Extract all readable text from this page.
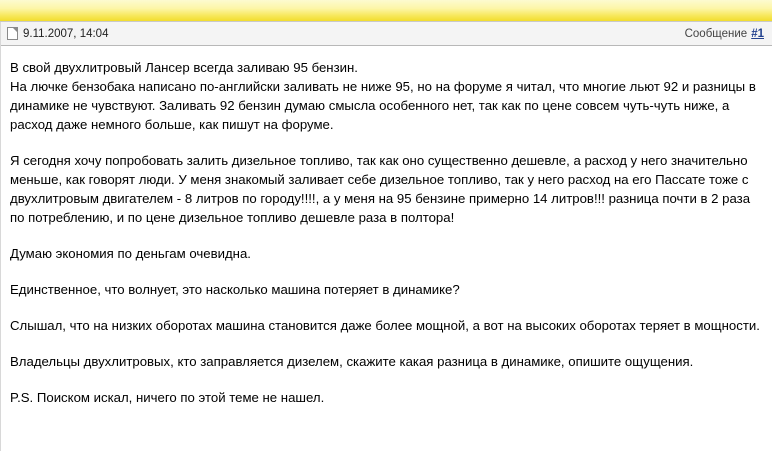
9.11.2007, 14:04	Сообщение #1

В свой двухлитровый Лансер всегда заливаю 95 бензин.
На лючке бензобака написано по-английски заливать не ниже 95, но на форуме я читал, что многие льют 92 и разницы в динамике не чувствуют. Заливать 92 бензин думаю смысла особенного нет, так как по цене совсем чуть-чуть ниже, а расход даже немного больше, как пишут на форуме.

Я сегодня хочу попробовать залить дизельное топливо, так как оно существенно дешевле, а расход у него значительно меньше, как говорят люди. У меня знакомый заливает себе дизельное топливо, так у него расход на его Пассате тоже с двухлитровым двигателем - 8 литров по городу!!!!, а у меня на 95 бензине примерно 14 литров!!! разница почти в 2 раза по потреблению, и по цене дизельное топливо дешевле раза в полтора!

Думаю экономия по деньгам очевидна.

Единственное, что волнует, это насколько машина потеряет в динамике?

Слышал, что на низких оборотах машина становится даже более мощной, а вот на высоких оборотах теряет в мощности.

Владельцы двухлитровых, кто заправляется дизелем, скажите какая разница в динамике, опишите ощущения.

P.S. Поиском искал, ничего по этой теме не нашел.
